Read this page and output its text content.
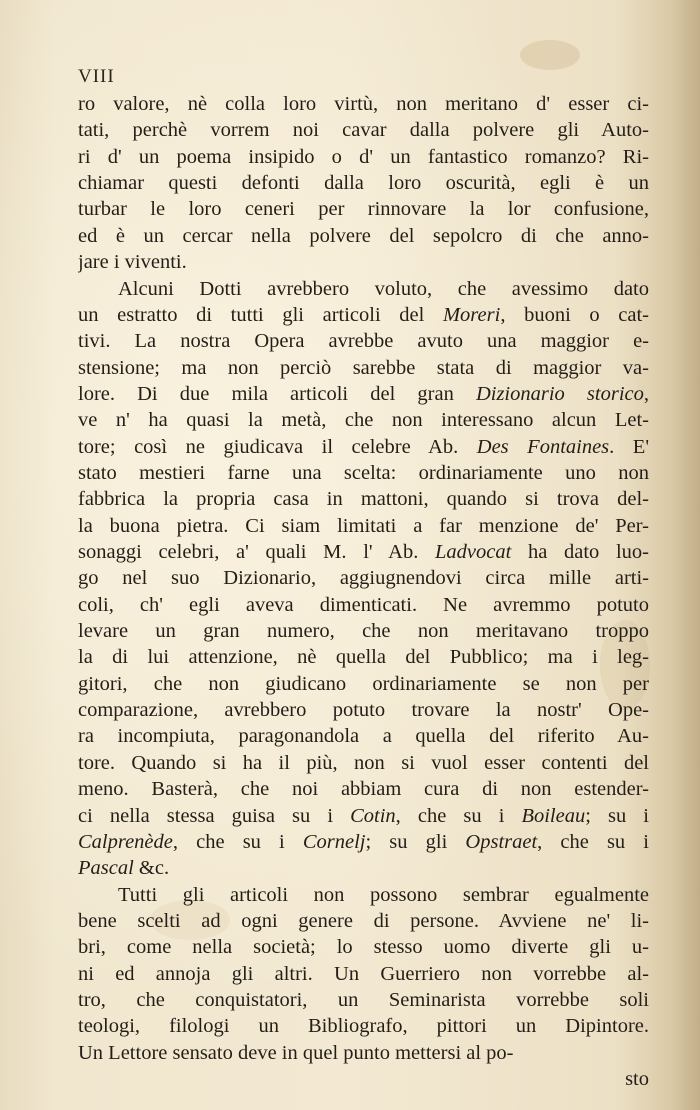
VIII
ro valore, nè colla loro virtù, non meritano d' esser ci-
tati, perchè vorrem noi cavar dalla polvere gli Auto-
ri d' un poema insipido o d' un fantastico romanzo? Ri-
chiamar questi defonti dalla loro oscurità, egli è un
turbar le loro ceneri per rinnovare la lor confusione,
ed è un cercar nella polvere del sepolcro di che anno-
jare i viventi.
Alcuni Dotti avrebbero voluto, che avessimo dato
un estratto di tutti gli articoli del Moreri, buoni o cat-
tivi. La nostra Opera avrebbe avuto una maggior e-
stensione; ma non perciò sarebbe stata di maggior va-
lore. Di due mila articoli del gran Dizionario storico,
ve n' ha quasi la metà, che non interessano alcun Let-
tore; così ne giudicava il celebre Ab. Des Fontaines. E'
stato mestieri farne una scelta: ordinariamente uno non
fabbrica la propria casa in mattoni, quando si trova del-
la buona pietra. Ci siam limitati a far menzione de' Per-
sonaggi celebri, a' quali M. l' Ab. Ladvocat ha dato luo-
go nel suo Dizionario, aggiugnendovi circa mille arti-
coli, ch' egli aveva dimenticati. Ne avremmo potuto
levare un gran numero, che non meritavano troppo
la di lui attenzione, nè quella del Pubblico; ma i leg-
gitori, che non giudicano ordinariamente se non per
comparazione, avrebbero potuto trovare la nostr' Ope-
ra incompiuta, paragonandola a quella del riferito Au-
tore. Quando si ha il più, non si vuol esser contenti del
meno. Basterà, che noi abbiam cura di non estender-
ci nella stessa guisa su i Cotin, che su i Boileau; su i
Calprenède, che su i Cornelj; su gli Opstraet, che su i
Pascal &c.
Tutti gli articoli non possono sembrar egualmente
bene scelti ad ogni genere di persone. Avviene ne' li-
bri, come nella società; lo stesso uomo diverte gli u-
ni ed annoja gli altri. Un Guerriero non vorrebbe al-
tro, che conquistatori, un Seminarista vorrebbe soli
teologi, filologi un Bibliografo, pittori un Dipintore.
Un Lettore sensato deve in quel punto mettersi al po-
sto
